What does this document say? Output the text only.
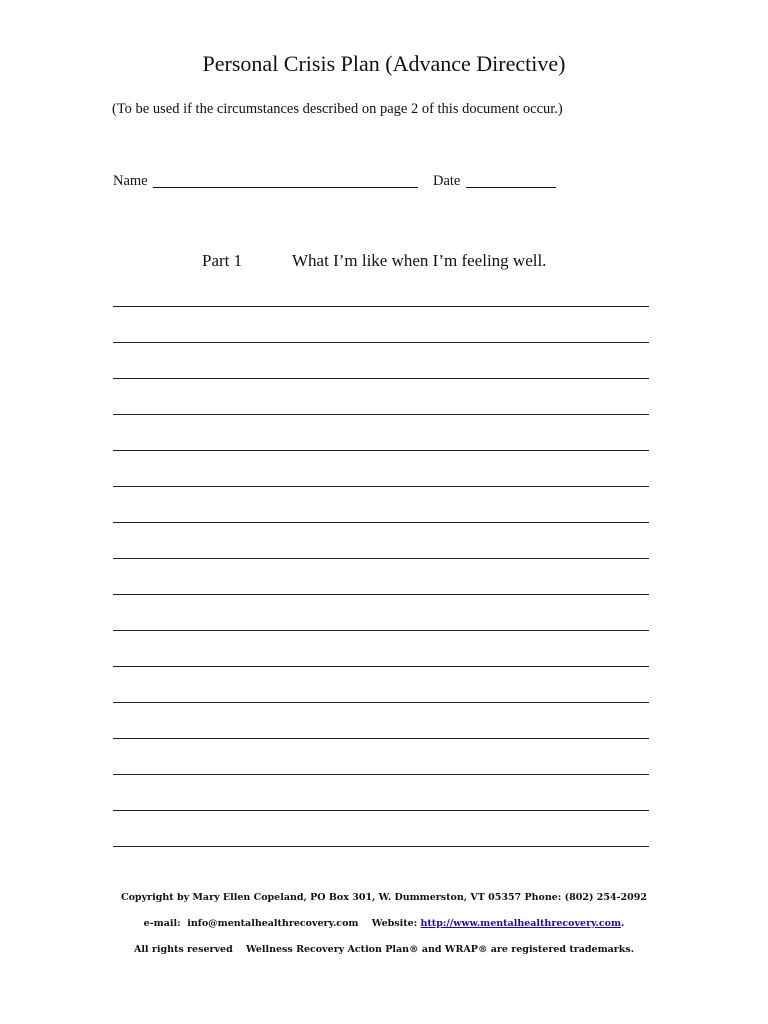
Personal Crisis Plan (Advance Directive)
(To be used if the circumstances described on page 2 of this document occur.)
Name	Date
Part 1	What I’m like when I’m feeling well.
Copyright by Mary Ellen Copeland, PO Box 301, W. Dummerston, VT 05357 Phone: (802) 254-2092
e-mail: info@mentalhealthrecovery.com Website: http://www.mentalhealthrecovery.com.
All rights reserved Wellness Recovery Action Plan® and WRAP® are registered trademarks.
